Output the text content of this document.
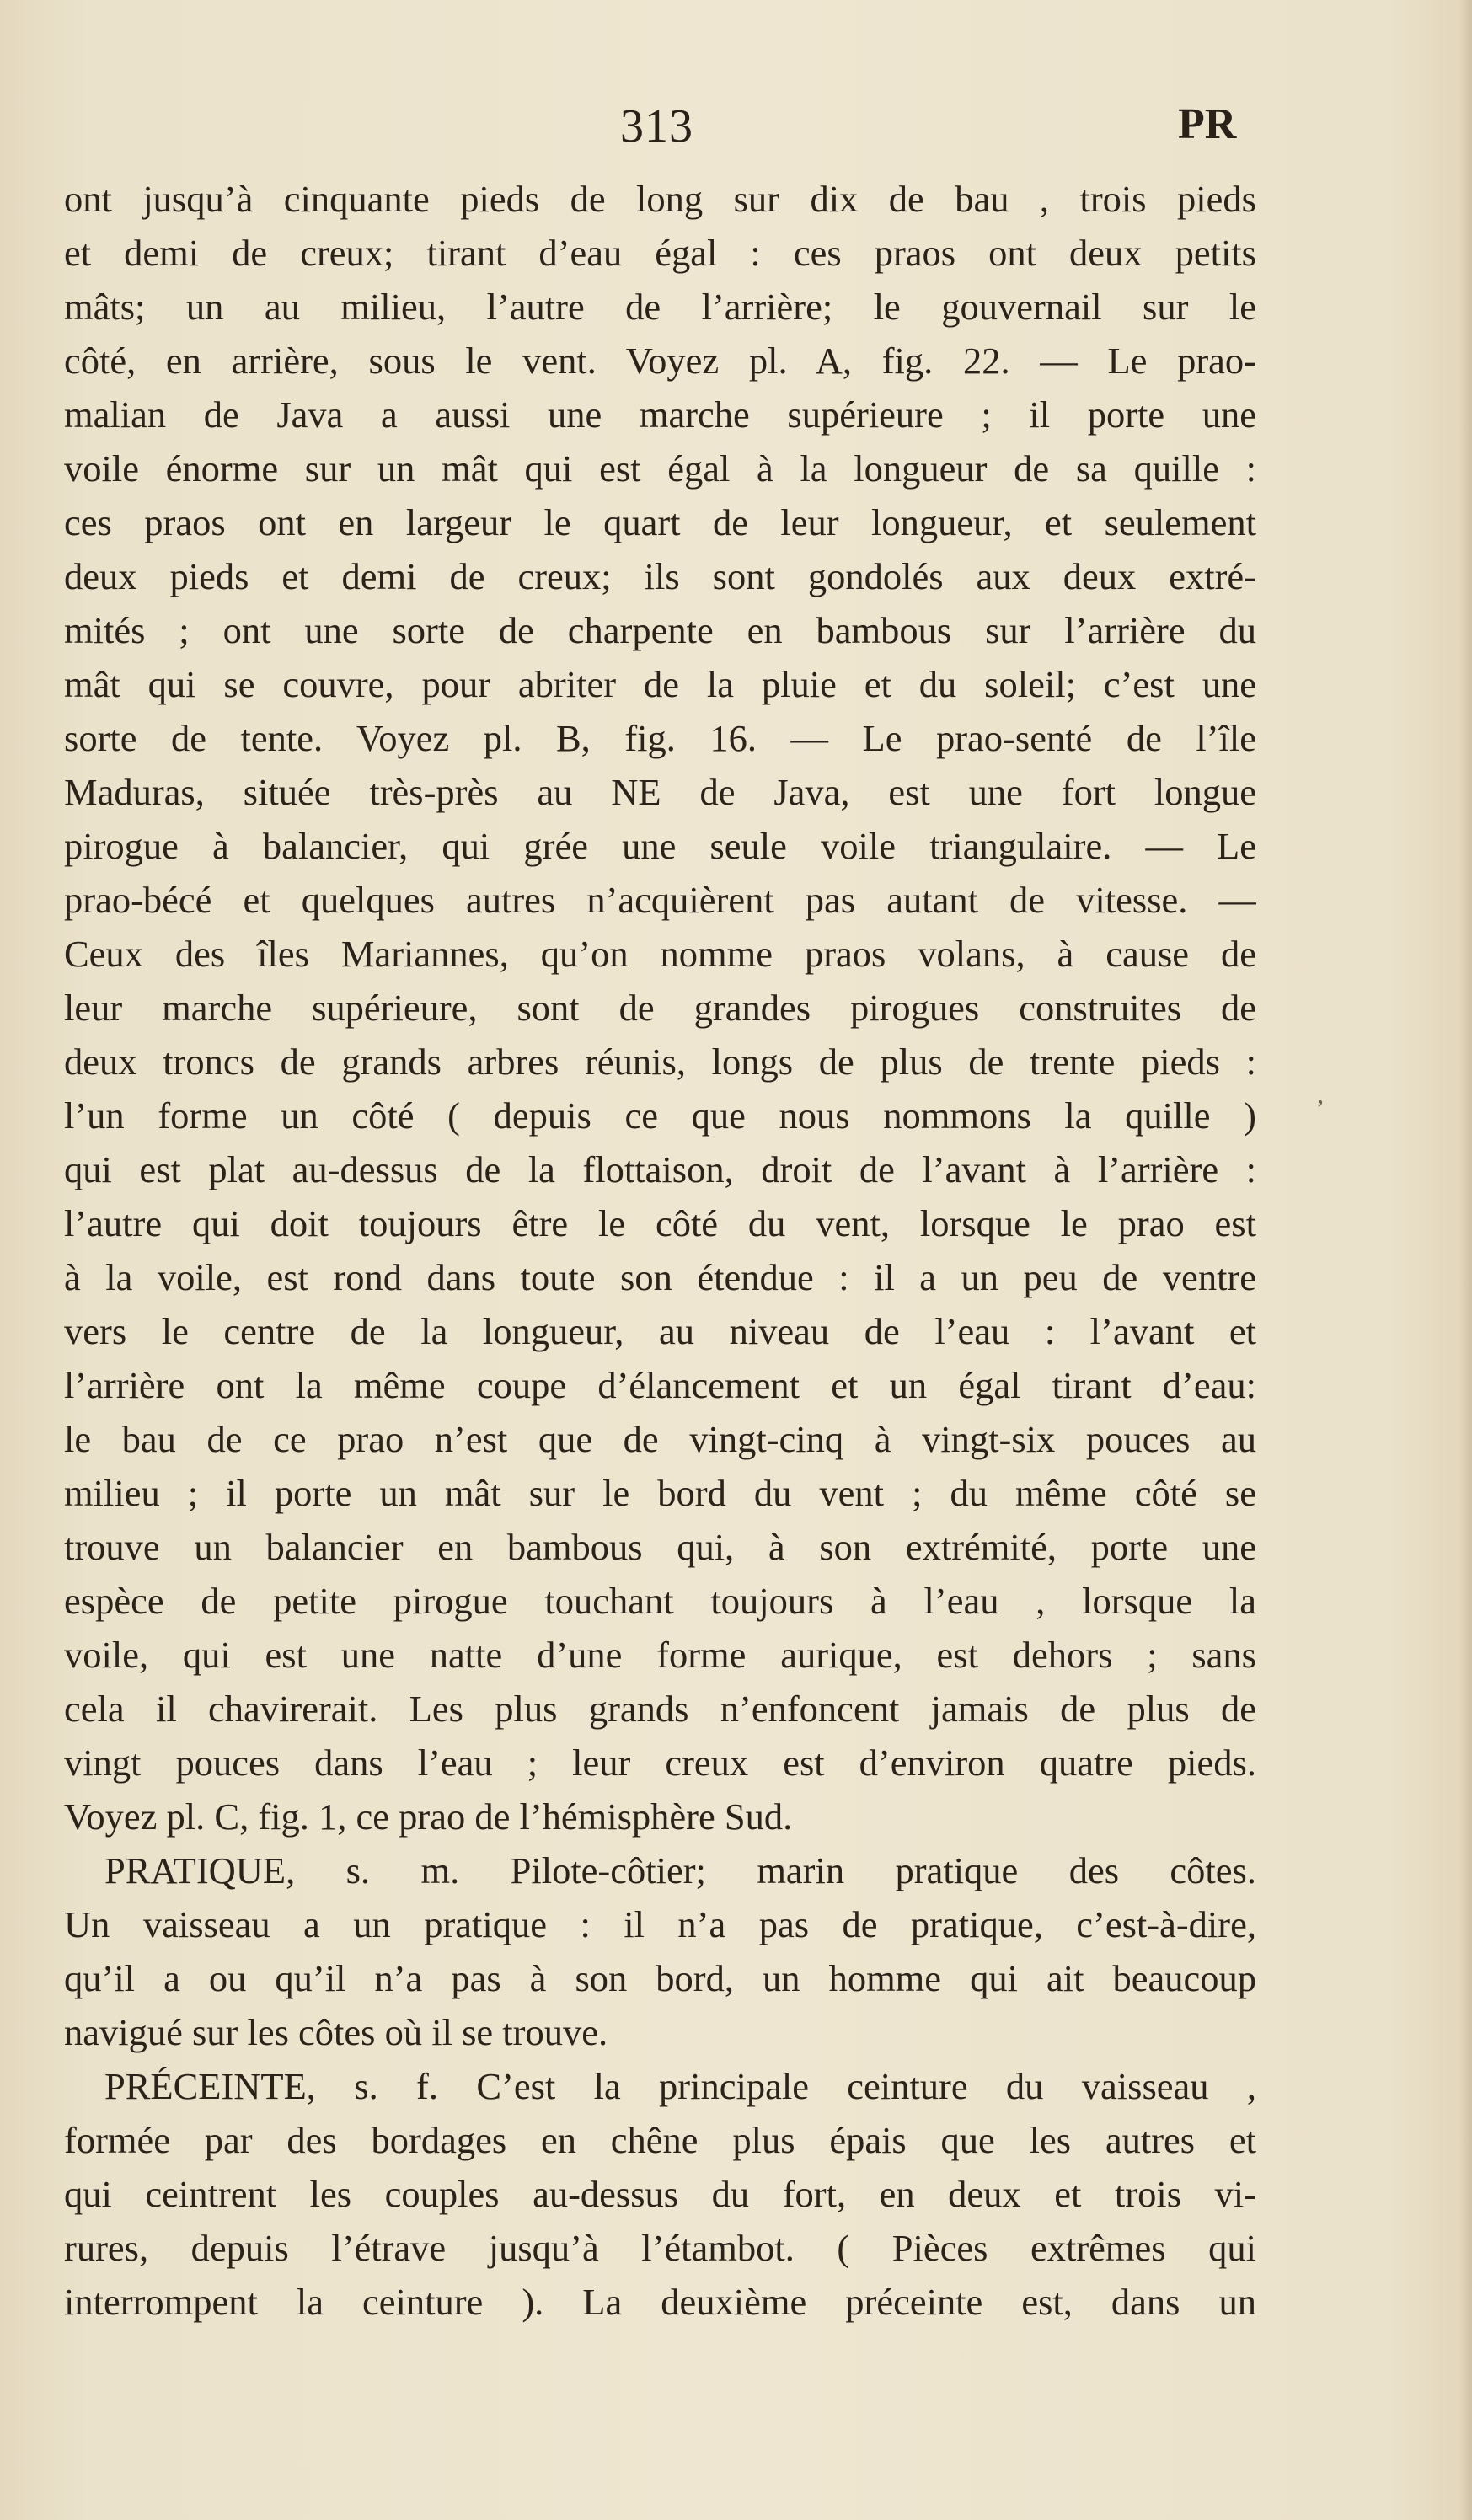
313	PR
ont jusqu’à cinquante pieds de long sur dix de bau , trois pieds
et demi de creux; tirant d’eau égal : ces praos ont deux petits
mâts; un au milieu, l’autre de l’arrière; le gouvernail sur le
côté, en arrière, sous le vent. Voyez pl. A, fig. 22. — Le prao-
malian de Java a aussi une marche supérieure ; il porte une
voile énorme sur un mât qui est égal à la longueur de sa quille :
ces praos ont en largeur le quart de leur longueur, et seulement
deux pieds et demi de creux; ils sont gondolés aux deux extré-
mités ; ont une sorte de charpente en bambous sur l’arrière du
mât qui se couvre, pour abriter de la pluie et du soleil; c’est une
sorte de tente. Voyez pl. B, fig. 16. — Le prao-senté de l’île
Maduras, située très-près au NE de Java, est une fort longue
pirogue à balancier, qui grée une seule voile triangulaire. — Le
prao-bécé et quelques autres n’acquièrent pas autant de vitesse. —
Ceux des îles Mariannes, qu’on nomme praos volans, à cause de
leur marche supérieure, sont de grandes pirogues construites de
deux troncs de grands arbres réunis, longs de plus de trente pieds :
l’un forme un côté ( depuis ce que nous nommons la quille )
qui est plat au-dessus de la flottaison, droit de l’avant à l’arrière :
l’autre qui doit toujours être le côté du vent, lorsque le prao est
à la voile, est rond dans toute son étendue : il a un peu de ventre
vers le centre de la longueur, au niveau de l’eau : l’avant et
l’arrière ont la même coupe d’élancement et un égal tirant d’eau:
le bau de ce prao n’est que de vingt-cinq à vingt-six pouces au
milieu ; il porte un mât sur le bord du vent ; du même côté se
trouve un balancier en bambous qui, à son extrémité, porte une
espèce de petite pirogue touchant toujours à l’eau , lorsque la
voile, qui est une natte d’une forme aurique, est dehors ; sans
cela il chavirerait. Les plus grands n’enfoncent jamais de plus de
vingt pouces dans l’eau ; leur creux est d’environ quatre pieds.
Voyez pl. C, fig. 1, ce prao de l’hémisphère Sud.
PRATIQUE, s. m. Pilote-côtier; marin pratique des côtes.
Un vaisseau a un pratique : il n’a pas de pratique, c’est-à-dire,
qu’il a ou qu’il n’a pas à son bord, un homme qui ait beaucoup
navigué sur les côtes où il se trouve.
PRÉCEINTE, s. f. C’est la principale ceinture du vaisseau ,
formée par des bordages en chêne plus épais que les autres et
qui ceintrent les couples au-dessus du fort, en deux et trois vi-
rures, depuis l’étrave jusqu’à l’étambot. ( Pièces extrêmes qui
interrompent la ceinture ). La deuxième préceinte est, dans un
‚
